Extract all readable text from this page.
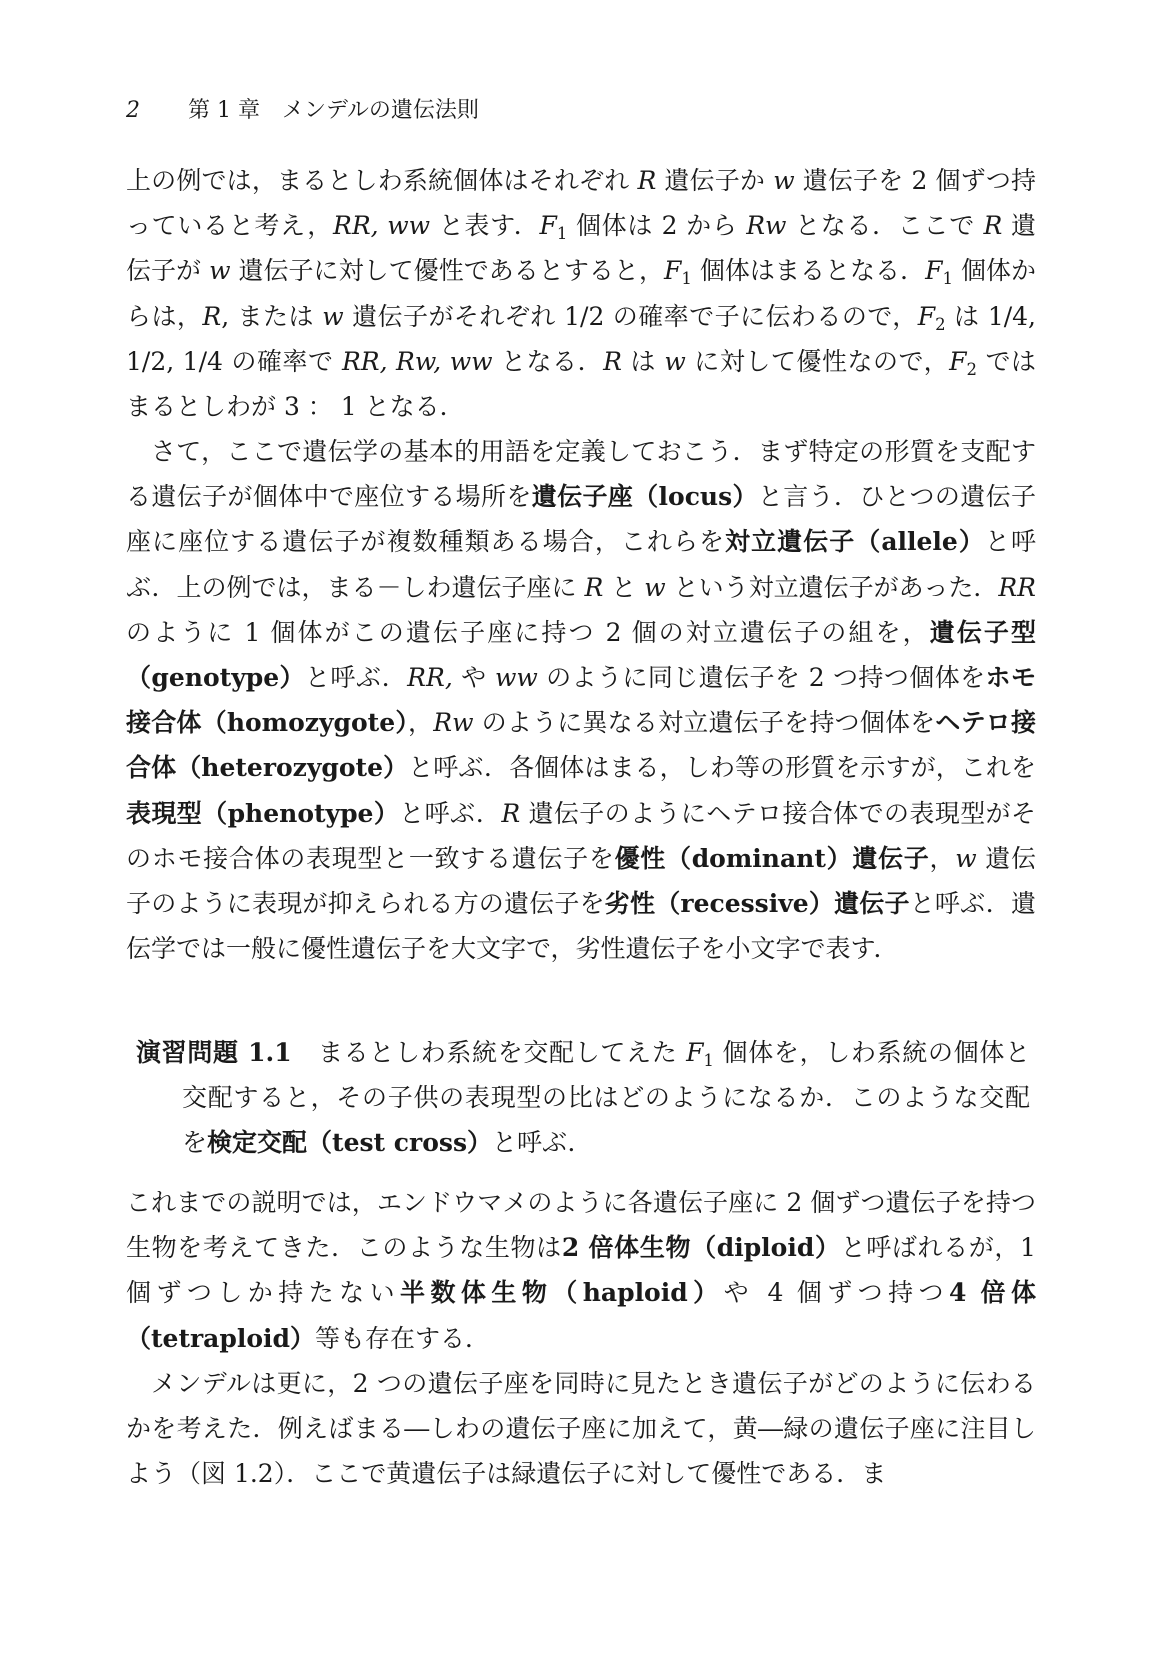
2 第 1 章　メンデルの遺伝法則

上の例では，まるとしわ系統個体はそれぞれ R 遺伝子か w 遺伝子を 2 個ずつ持っていると考え，RR, ww と表す．$F_1$ 個体は 2 から Rw となる．ここで R 遺伝子が w 遺伝子に対して優性であるとすると，$F_1$ 個体はまるとなる．$F_1$ 個体からは，R, または w 遺伝子がそれぞれ 1/2 の確率で子に伝わるので，$F_2$ は 1/4, 1/2, 1/4 の確率で RR, Rw, ww となる．R は w に対して優性なので，$F_2$ ではまるとしわが 3 ： 1 となる．

さて，ここで遺伝学の基本的用語を定義しておこう．まず特定の形質を支配する遺伝子が個体中で座位する場所を遺伝子座（locus）と言う．ひとつの遺伝子座に座位する遺伝子が複数種類ある場合，これらを対立遺伝子（allele）と呼ぶ．上の例では，まる－しわ遺伝子座に R と w という対立遺伝子があった．RR のように 1 個体がこの遺伝子座に持つ 2 個の対立遺伝子の組を，遺伝子型（genotype）と呼ぶ．RR, や ww のように同じ遺伝子を 2 つ持つ個体をホモ接合体（homozygote），Rw のように異なる対立遺伝子を持つ個体をヘテロ接合体（heterozygote）と呼ぶ．各個体はまる，しわ等の形質を示すが，これを表現型（phenotype）と呼ぶ．R 遺伝子のようにヘテロ接合体での表現型がそのホモ接合体の表現型と一致する遺伝子を優性（dominant）遺伝子，w 遺伝子のように表現が抑えられる方の遺伝子を劣性（recessive）遺伝子と呼ぶ．遺伝学では一般に優性遺伝子を大文字で，劣性遺伝子を小文字で表す．

演習問題 1.1　まるとしわ系統を交配してえた $F_1$ 個体を，しわ系統の個体と交配すると，その子供の表現型の比はどのようになるか．このような交配を検定交配（test cross）と呼ぶ．

これまでの説明では，エンドウマメのように各遺伝子座に 2 個ずつ遺伝子を持つ生物を考えてきた．このような生物は2 倍体生物（diploid）と呼ばれるが，1 個ずつしか持たない半数体生物（haploid）や 4 個ずつ持つ4 倍体（tetraploid）等も存在する．

メンデルは更に，2 つの遺伝子座を同時に見たとき遺伝子がどのように伝わるかを考えた．例えばまる―しわの遺伝子座に加えて，黄―緑の遺伝子座に注目しよう（図 1.2）．ここで黄遺伝子は緑遺伝子に対して優性である．ま
